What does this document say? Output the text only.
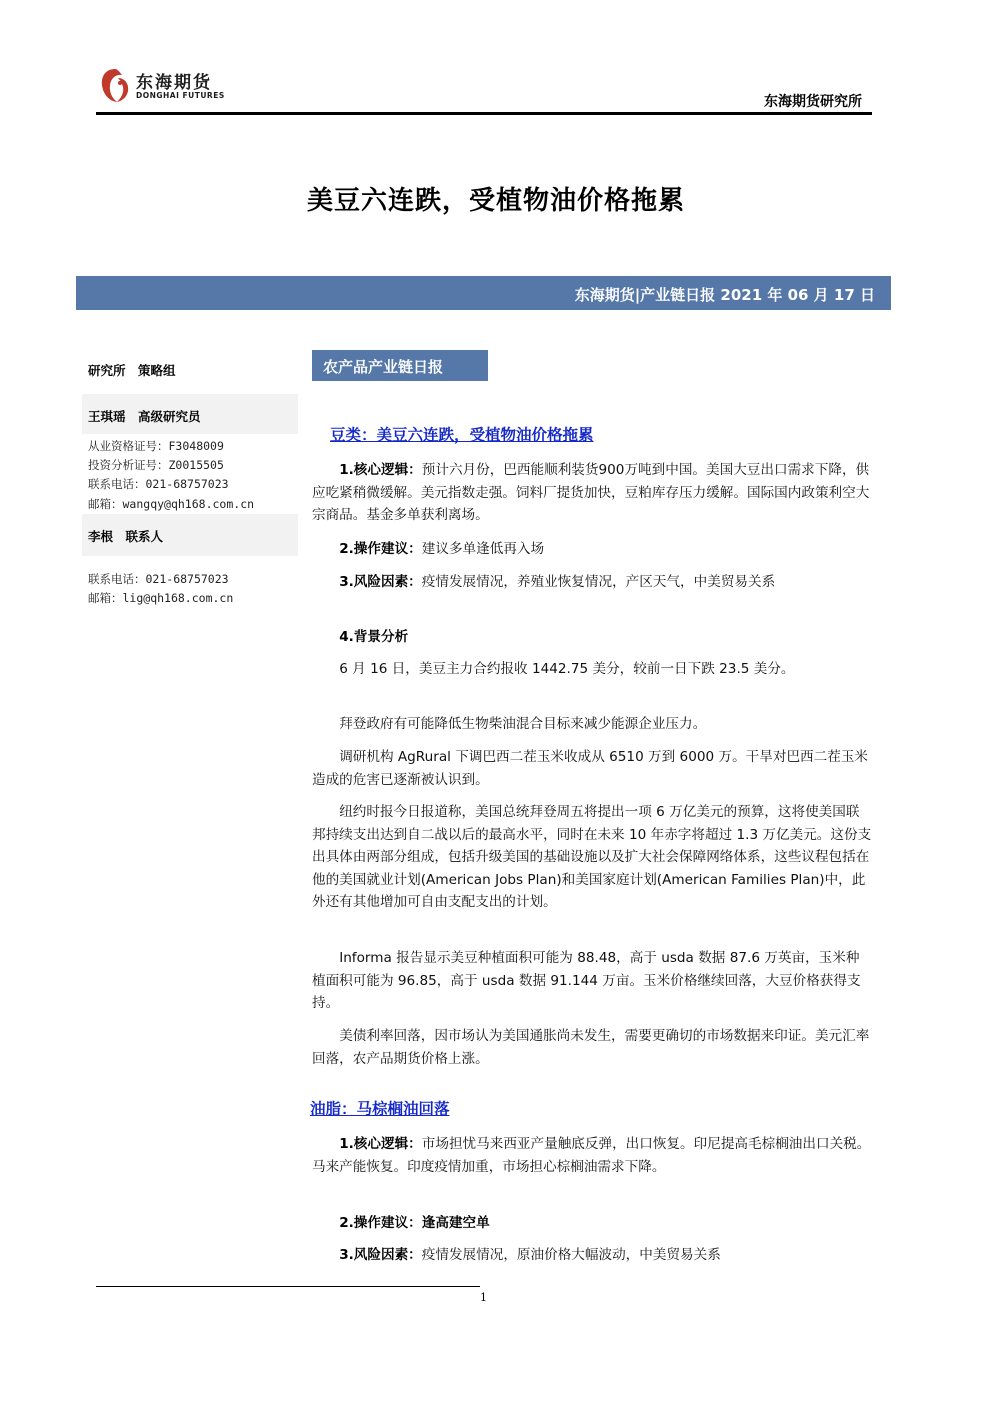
东海期货
DONGHAI FUTURES	东海期货研究所
美豆六连跌，受植物油价格拖累
东海期货|产业链日报 2021 年 06 月 17 日
研究所　策略组
王琪瑶　高级研究员
从业资格证号：F3048009
投资分析证号：Z0015505
联系电话：021-68757023
邮箱：wangqy@qh168.com.cn
李根　联系人
联系电话：021-68757023
邮箱：lig@qh168.com.cn
农产品产业链日报
豆类：美豆六连跌，受植物油价格拖累
1.核心逻辑：预计六月份，巴西能顺利装货900万吨到中国。美国大豆出口需求下降，供应吃紧稍微缓解。美元指数走强。饲料厂提货加快，豆粕库存压力缓解。国际国内政策利空大宗商品。基金多单获利离场。
2.操作建议：建议多单逢低再入场
3.风险因素：疫情发展情况，养殖业恢复情况，产区天气，中美贸易关系
4.背景分析
6 月 16 日，美豆主力合约报收 1442.75 美分，较前一日下跌 23.5 美分。
拜登政府有可能降低生物柴油混合目标来减少能源企业压力。
调研机构 AgRural 下调巴西二茬玉米收成从 6510 万到 6000 万。干旱对巴西二茬玉米造成的危害已逐渐被认识到。
纽约时报今日报道称，美国总统拜登周五将提出一项 6 万亿美元的预算，这将使美国联邦持续支出达到自二战以后的最高水平，同时在未来 10 年赤字将超过 1.3 万亿美元。这份支出具体由两部分组成，包括升级美国的基础设施以及扩大社会保障网络体系，这些议程包括在他的美国就业计划(American Jobs Plan)和美国家庭计划(American Families Plan)中，此外还有其他增加可自由支配支出的计划。
Informa 报告显示美豆种植面积可能为 88.48，高于 usda 数据 87.6 万英亩，玉米种植面积可能为 96.85，高于 usda 数据 91.144 万亩。玉米价格继续回落，大豆价格获得支持。
美债利率回落，因市场认为美国通胀尚未发生，需要更确切的市场数据来印证。美元汇率回落，农产品期货价格上涨。
油脂：马棕榈油回落
1.核心逻辑：市场担忧马来西亚产量触底反弹，出口恢复。印尼提高毛棕榈油出口关税。马来产能恢复。印度疫情加重，市场担心棕榈油需求下降。
2.操作建议：逢高建空单
3.风险因素：疫情发展情况，原油价格大幅波动，中美贸易关系
1
